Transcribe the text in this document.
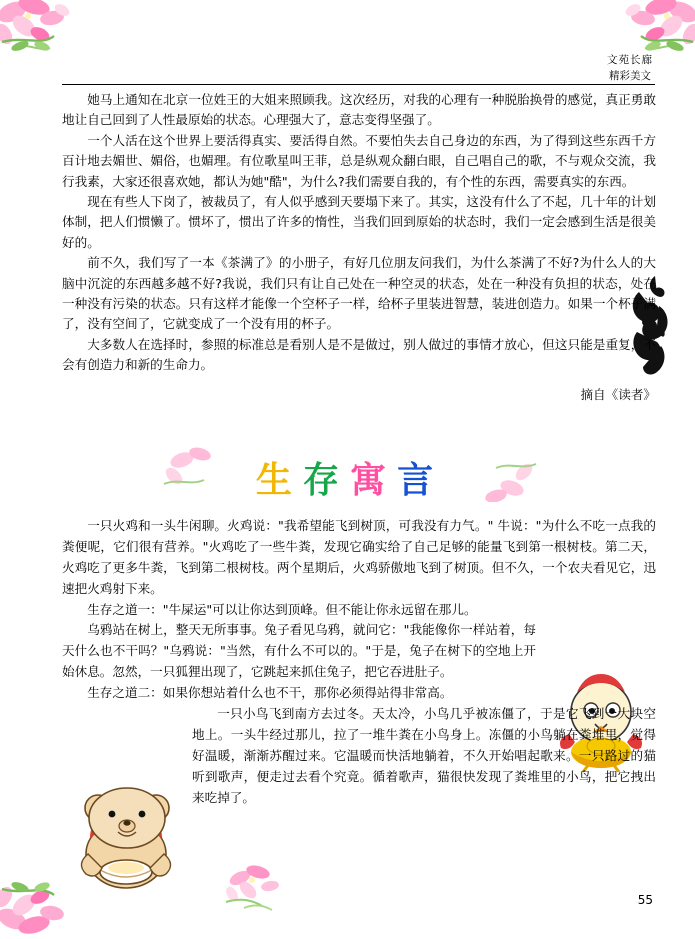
文苑长廊
精彩美文

她马上通知在北京一位姓王的大姐来照顾我。这次经历，对我的心理有一种脱胎换骨的感觉，真正勇敢地让自己回到了人性最原始的状态。心理强大了，意志变得坚强了。

一个人活在这个世界上要活得真实、要活得自然。不要怕失去自己身边的东西，为了得到这些东西千方百计地去媚世、媚俗，也媚理。有位歌星叫王菲，总是纵观众翻白眼，自己唱自己的歌，不与观众交流，我行我素，大家还很喜欢她，都认为她"酷"，为什么?我们需要自我的，有个性的东西，需要真实的东西。

现在有些人下岗了，被裁员了，有人似乎感到天要塌下来了。其实，这没有什么了不起，几十年的计划体制，把人们惯懒了。惯坏了，惯出了许多的惰性，当我们回到原始的状态时，我们一定会感到生活是很美好的。

前不久，我们写了一本《茶满了》的小册子，有好几位朋友问我们，为什么茶满了不好?为什么人的大脑中沉淀的东西越多越不好?我说，我们只有让自己处在一种空灵的状态，处在一种没有负担的状态，处在一种没有污染的状态。只有这样才能像一个空杯子一样，给杯子里装进智慧，装进创造力。如果一个杯子满了，没有空间了，它就变成了一个没有用的杯子。

大多数人在选择时，参照的标准总是看别人是不是做过，别人做过的事情才放心，但这只能是重复，不会有创造力和新的生命力。

摘自《读者》

生 存 寓 言

一只火鸡和一头牛闲聊。火鸡说："我希望能飞到树顶，可我没有力气。" 牛说："为什么不吃一点我的粪便呢，它们很有营养。"火鸡吃了一些牛粪，发现它确实给了自己足够的能量飞到第一根树枝。第二天，火鸡吃了更多牛粪，飞到第二根树枝。两个星期后，火鸡骄傲地飞到了树顶。但不久，一个农夫看见它，迅速把火鸡射下来。

生存之道一："牛屎运"可以让你达到顶峰。但不能让你永远留在那儿。

乌鸦站在树上，整天无所事事。兔子看见乌鸦，就问它："我能像你一样站着，每天什么也不干吗？"乌鸦说："当然，有什么不可以的。"于是，兔子在树下的空地上开始休息。忽然，一只狐狸出现了，它跳起来抓住兔子，把它吞进肚子。

生存之道二：如果你想站着什么也不干，那你必须得站得非常高。

一只小鸟飞到南方去过冬。天太冷，小鸟几乎被冻僵了，于是它飞到一大块空地上。一头牛经过那儿，拉了一堆牛粪在小鸟身上。冻僵的小鸟躺在粪堆里，觉得好温暖，渐渐苏醒过来。它温暖而快活地躺着，不久开始唱起歌来。一只路过的猫听到歌声，便走过去看个究竟。循着歌声，猫很快发现了粪堆里的小鸟，把它拽出来吃掉了。

55
